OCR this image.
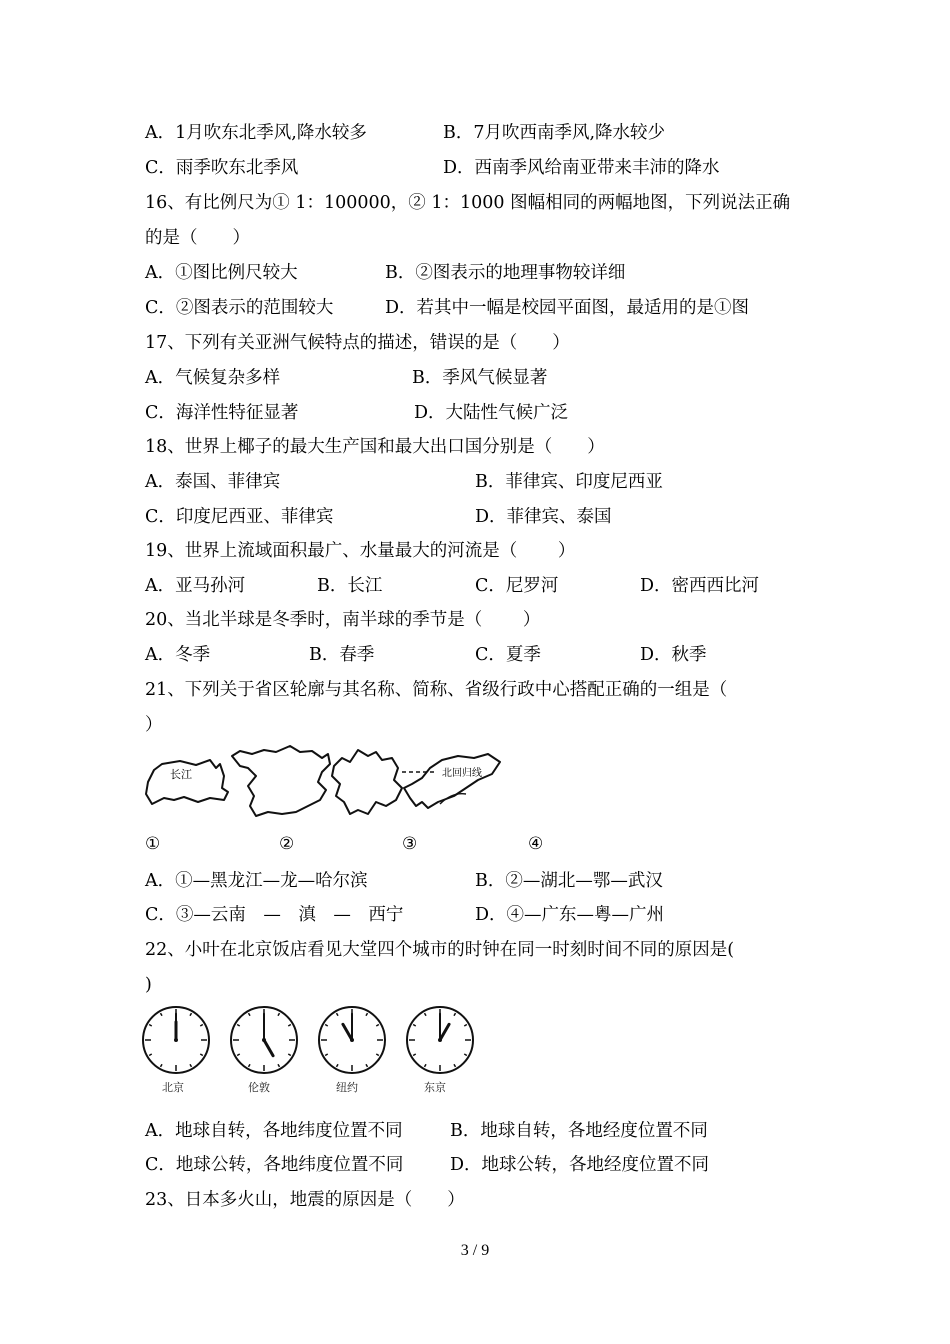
A．1月吹东北季风,降水较多	B．7月吹西南季风,降水较少
C．雨季吹东北季风	D．西南季风给南亚带来丰沛的降水
16、有比例尺为① 1：100000，② 1：1000 图幅相同的两幅地图，下列说法正确
的是（　　）
A．①图比例尺较大	B．②图表示的地理事物较详细
C．②图表示的范围较大	D．若其中一幅是校园平面图，最适用的是①图
17、下列有关亚洲气候特点的描述，错误的是（　　）
A．气候复杂多样	B．季风气候显著
C．海洋性特征显著	D．大陆性气候广泛
18、世界上椰子的最大生产国和最大出口国分别是（　　）
A．泰国、菲律宾	B．菲律宾、印度尼西亚
C．印度尼西亚、菲律宾	D．菲律宾、泰国
19、世界上流域面积最广、水量最大的河流是（　　 ）
A．亚马孙河	B．长江	C．尼罗河	D．密西西比河
20、当北半球是冬季时，南半球的季节是（　　 ）
A．冬季	B．春季	C．夏季	D．秋季
21、下列关于省区轮廓与其名称、简称、省级行政中心搭配正确的一组是（
）
长江	北回归线
①	②	③	④
A．①—黑龙江—龙—哈尔滨	B．②—湖北—鄂—武汉
C．③—云南　—　滇　—　西宁	D．④—广东—粤—广州
22、小叶在北京饭店看见大堂四个城市的时钟在同一时刻时间不同的原因是(
)
北京	伦敦	纽约	东京
A．地球自转，各地纬度位置不同	B．地球自转，各地经度位置不同
C．地球公转，各地纬度位置不同	D．地球公转，各地经度位置不同
23、日本多火山，地震的原因是（　　）
3 / 9
